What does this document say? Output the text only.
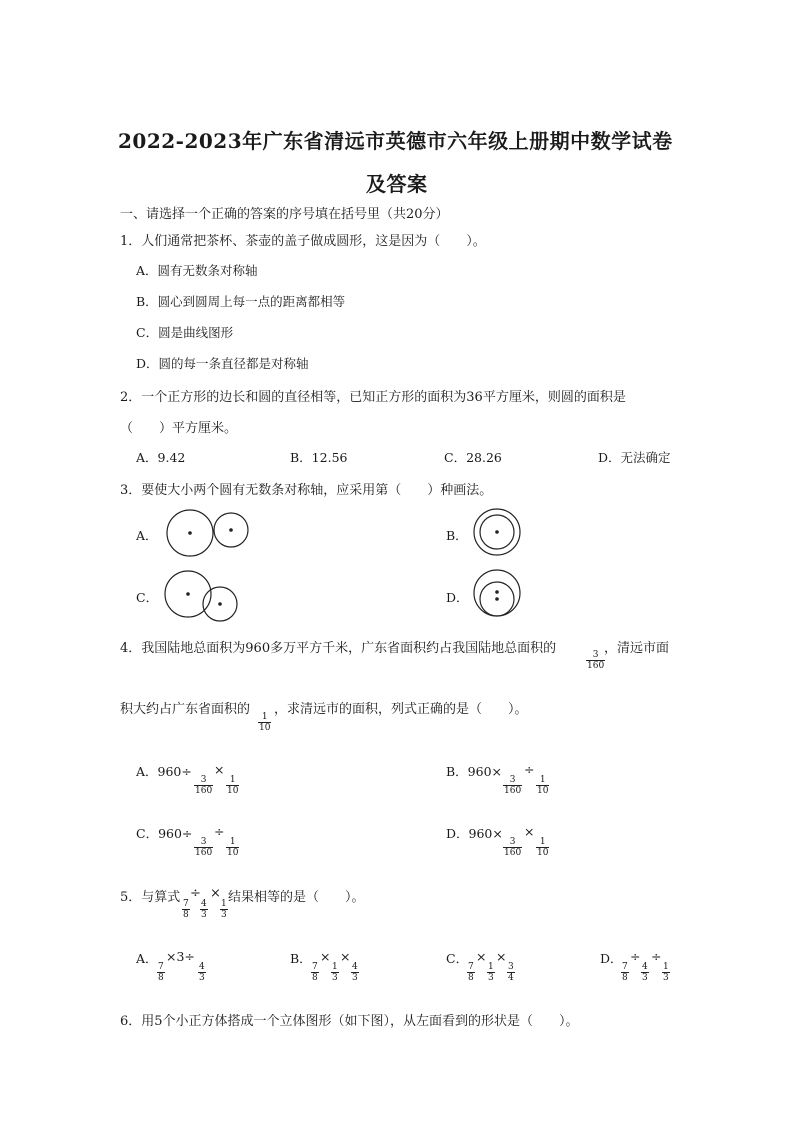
2022-2023年广东省清远市英德市六年级上册期中数学试卷
及答案
一、请选择一个正确的答案的序号填在括号里（共20分）
1．人们通常把茶杯、茶壶的盖子做成圆形，这是因为（　　）。
A．圆有无数条对称轴
B．圆心到圆周上每一点的距离都相等
C．圆是曲线图形
D．圆的每一条直径都是对称轴
2．一个正方形的边长和圆的直径相等，已知正方形的面积为36平方厘米，则圆的面积是
（　　）平方厘米。
A．9.42	B．12.56	C．28.26	D．无法确定
3．要使大小两个圆有无数条对称轴，应采用第（　　）种画法。
A．	B．
C．	D．
4．我国陆地总面积为960多万平方千米，广东省面积约占我国陆地总面积的
$\frac{3}{160}$
，清远市面
积大约占广东省面积的
$\frac{1}{10}$
，求清远市的面积，列式正确的是（　　）。
A．960÷
$\frac{3}{160}$
×
$\frac{1}{10}$
B．960×
$\frac{3}{160}$
÷
$\frac{1}{10}$
C．960÷
$\frac{3}{160}$
÷
$\frac{1}{10}$
D．960×
$\frac{3}{160}$
×
$\frac{1}{10}$
5．与算式
$\frac{7}{8}$
÷
$\frac{4}{3}$
×
$\frac{1}{3}$
结果相等的是（　　）。
A．
$\frac{7}{8}$
×3÷
$\frac{4}{3}$
B．
$\frac{7}{8}$
×
$\frac{1}{3}$
×
$\frac{4}{3}$
C．
$\frac{7}{8}$
×
$\frac{1}{3}$
×
$\frac{3}{4}$
D．
$\frac{7}{8}$
÷
$\frac{4}{3}$
÷
$\frac{1}{3}$
6．用5个小正方体搭成一个立体图形（如下图），从左面看到的形状是（　　）。
